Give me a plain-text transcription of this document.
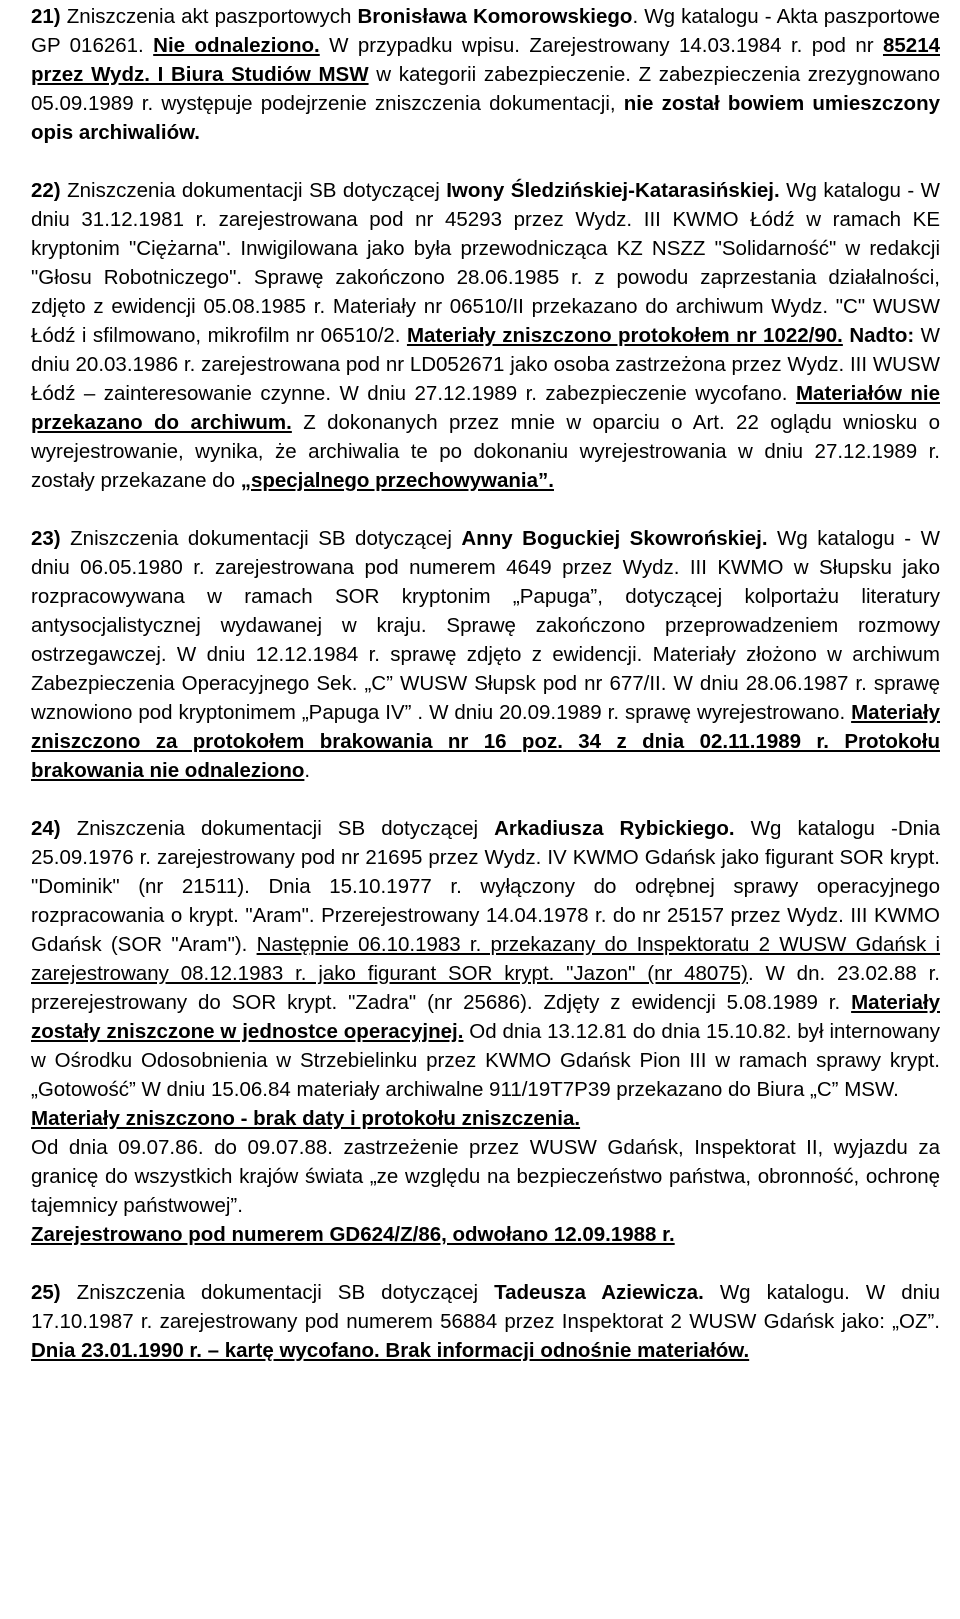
21) Zniszczenia akt paszportowych Bronisława Komorowskiego. Wg katalogu - Akta paszportowe GP 016261. Nie odnaleziono. W przypadku wpisu. Zarejestrowany 14.03.1984 r. pod nr 85214 przez Wydz. I Biura Studiów MSW w kategorii zabezpieczenie. Z zabezpieczenia zrezygnowano 05.09.1989 r. występuje podejrzenie zniszczenia dokumentacji, nie został bowiem umieszczony opis archiwaliów.
22) Zniszczenia dokumentacji SB dotyczącej Iwony Śledzińskiej-Katarasińskiej. Wg katalogu - W dniu 31.12.1981 r. zarejestrowana pod nr 45293 przez Wydz. III KWMO Łódź w ramach KE kryptonim "Ciężarna". Inwigilowana jako była przewodnicząca KZ NSZZ "Solidarność" w redakcji "Głosu Robotniczego". Sprawę zakończono 28.06.1985 r. z powodu zaprzestania działalności, zdjęto z ewidencji 05.08.1985 r. Materiały nr 06510/II przekazano do archiwum Wydz. "C" WUSW Łódź i sfilmowano, mikrofilm nr 06510/2. Materiały zniszczono protokołem nr 1022/90. Nadto: W dniu 20.03.1986 r. zarejestrowana pod nr LD052671 jako osoba zastrzeżona przez Wydz. III WUSW Łódź – zainteresowanie czynne. W dniu 27.12.1989 r. zabezpieczenie wycofano. Materiałów nie przekazano do archiwum. Z dokonanych przez mnie w oparciu o Art. 22 oglądu wniosku o wyrejestrowanie, wynika, że archiwalia te po dokonaniu wyrejestrowania w dniu 27.12.1989 r. zostały przekazane do „specjalnego przechowywania”.
23) Zniszczenia dokumentacji SB dotyczącej Anny Boguckiej Skowrońskiej. Wg katalogu - W dniu 06.05.1980 r. zarejestrowana pod numerem 4649 przez Wydz. III KWMO w Słupsku jako rozpracowywana w ramach SOR kryptonim „Papuga”, dotyczącej kolportażu literatury antysocjalistycznej wydawanej w kraju. Sprawę zakończono przeprowadzeniem rozmowy ostrzegawczej. W dniu 12.12.1984 r. sprawę zdjęto z ewidencji. Materiały złożono w archiwum Zabezpieczenia Operacyjnego Sek. „C” WUSW Słupsk pod nr 677/II. W dniu 28.06.1987 r. sprawę wznowiono pod kryptonimem „Papuga IV” . W dniu 20.09.1989 r. sprawę wyrejestrowano. Materiały zniszczono za protokołem brakowania nr 16 poz. 34 z dnia 02.11.1989 r. Protokołu brakowania nie odnaleziono.
24) Zniszczenia dokumentacji SB dotyczącej Arkadiusza Rybickiego. Wg katalogu -Dnia 25.09.1976 r. zarejestrowany pod nr 21695 przez Wydz. IV KWMO Gdańsk jako figurant SOR krypt. "Dominik" (nr 21511). Dnia 15.10.1977 r. wyłączony do odrębnej sprawy operacyjnego rozpracowania o krypt. "Aram". Przerejestrowany 14.04.1978 r. do nr 25157 przez Wydz. III KWMO Gdańsk (SOR "Aram"). Następnie 06.10.1983 r. przekazany do Inspektoratu 2 WUSW Gdańsk i zarejestrowany 08.12.1983 r. jako figurant SOR krypt. "Jazon" (nr 48075). W dn. 23.02.88 r. przerejestrowany do SOR krypt. "Zadra" (nr 25686). Zdjęty z ewidencji 5.08.1989 r. Materiały zostały zniszczone w jednostce operacyjnej. Od dnia 13.12.81 do dnia 15.10.82. był internowany w Ośrodku Odosobnienia w Strzebielinku przez KWMO Gdańsk Pion III w ramach sprawy krypt. „Gotowość” W dniu 15.06.84 materiały archiwalne 911/19T7P39 przekazano do Biura „C” MSW.
Materiały zniszczono - brak daty i protokołu zniszczenia.
Od dnia 09.07.86. do 09.07.88. zastrzeżenie przez WUSW Gdańsk, Inspektorat II, wyjazdu za granicę do wszystkich krajów świata „ze względu na bezpieczeństwo państwa, obronność, ochronę tajemnicy państwowej”.
Zarejestrowano pod numerem GD624/Z/86, odwołano 12.09.1988 r.
25) Zniszczenia dokumentacji SB dotyczącej Tadeusza Aziewicza. Wg katalogu. W dniu 17.10.1987 r. zarejestrowany pod numerem 56884 przez Inspektorat 2 WUSW Gdańsk jako: „OZ”. Dnia 23.01.1990 r. – kartę wycofano. Brak informacji odnośnie materiałów.
